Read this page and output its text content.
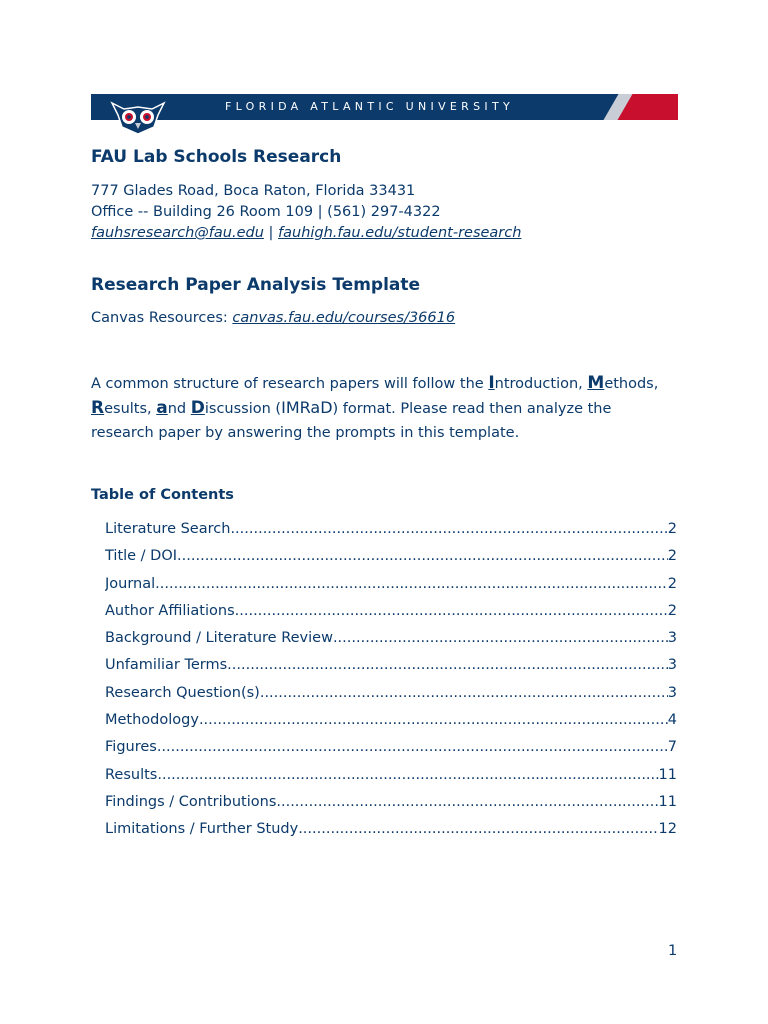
FLORIDA ATLANTIC UNIVERSITY
FAU Lab Schools Research
777 Glades Road, Boca Raton, Florida 33431
Office -- Building 26 Room 109 | (561) 297-4322
fauhsresearch@fau.edu | fauhigh.fau.edu/student-research
Research Paper Analysis Template
Canvas Resources: canvas.fau.edu/courses/36616
A common structure of research papers will follow the Introduction, Methods, Results, and Discussion (IMRaD) format. Please read then analyze the research paper by answering the prompts in this template.
Table of Contents
Literature Search .....	2
Title / DOI .....	2
Journal .....	2
Author Affiliations .....	2
Background / Literature Review .....	3
Unfamiliar Terms .....	3
Research Question(s) .....	3
Methodology .....	4
Figures .....	7
Results .....	11
Findings / Contributions .....	11
Limitations / Further Study .....	12
1
